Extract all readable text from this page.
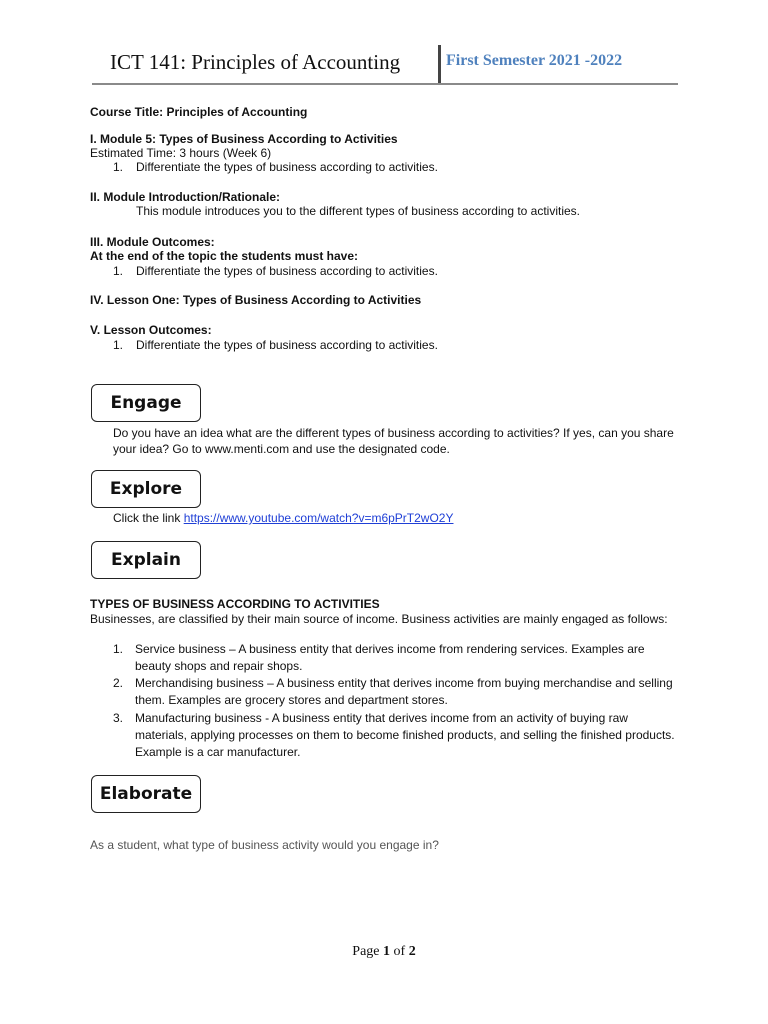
ICT 141: Principles of Accounting	First Semester 2021 -2022
Course Title: Principles of Accounting
I. Module 5: Types of Business According to Activities
Estimated Time: 3 hours (Week 6)
1. Differentiate the types of business according to activities.
II. Module Introduction/Rationale:
This module introduces you to the different types of business according to activities.
III. Module Outcomes:
At the end of the topic the students must have:
1. Differentiate the types of business according to activities.
IV. Lesson One: Types of Business According to Activities
V. Lesson Outcomes:
1. Differentiate the types of business according to activities.
Engage
Do you have an idea what are the different types of business according to activities? If yes, can you share your idea? Go to www.menti.com and use the designated code.
Explore
Click the link https://www.youtube.com/watch?v=m6pPrT2wO2Y
Explain
TYPES OF BUSINESS ACCORDING TO ACTIVITIES
Businesses, are classified by their main source of income. Business activities are mainly engaged as follows:
1. Service business – A business entity that derives income from rendering services. Examples are beauty shops and repair shops.
2. Merchandising business – A business entity that derives income from buying merchandise and selling them. Examples are grocery stores and department stores.
3. Manufacturing business - A business entity that derives income from an activity of buying raw materials, applying processes on them to become finished products, and selling the finished products. Example is a car manufacturer.
Elaborate
As a student, what type of business activity would you engage in?
Page 1 of 2
